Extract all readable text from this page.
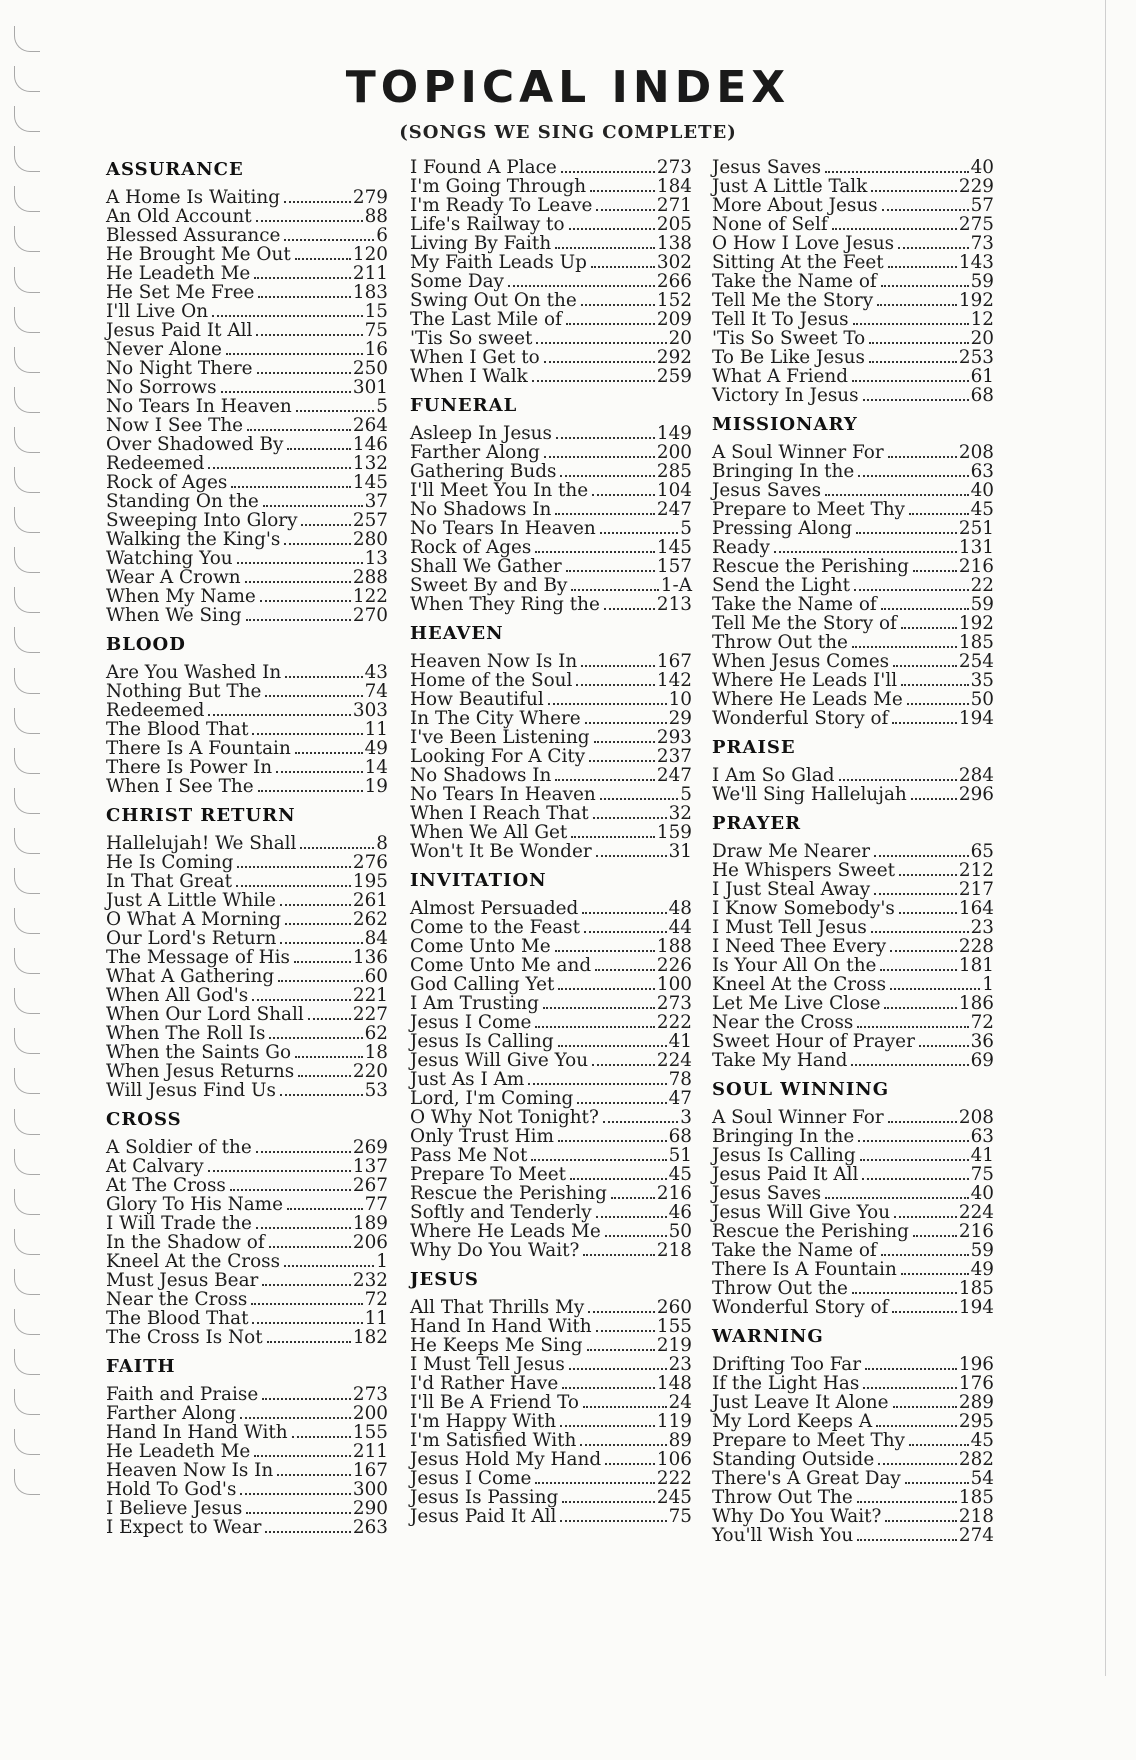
TOPICAL INDEX
(SONGS WE SING COMPLETE)
ASSURANCE
A Home Is Waiting	279
An Old Account	88
Blessed Assurance	6
He Brought Me Out	120
He Leadeth Me	211
He Set Me Free	183
I'll Live On	15
Jesus Paid It All	75
Never Alone	16
No Night There	250
No Sorrows	301
No Tears In Heaven	5
Now I See The	264
Over Shadowed By	146
Redeemed	132
Rock of Ages	145
Standing On the	37
Sweeping Into Glory	257
Walking the King's	280
Watching You	13
Wear A Crown	288
When My Name	122
When We Sing	270
BLOOD
Are You Washed In	43
Nothing But The	74
Redeemed	303
The Blood That	11
There Is A Fountain	49
There Is Power In	14
When I See The	19
CHRIST RETURN
Hallelujah! We Shall	8
He Is Coming	276
In That Great	195
Just A Little While	261
O What A Morning	262
Our Lord's Return	84
The Message of His	136
What A Gathering	60
When All God's	221
When Our Lord Shall	227
When The Roll Is	62
When the Saints Go	18
When Jesus Returns	220
Will Jesus Find Us	53
CROSS
A Soldier of the	269
At Calvary	137
At The Cross	267
Glory To His Name	77
I Will Trade the	189
In the Shadow of	206
Kneel At the Cross	1
Must Jesus Bear	232
Near the Cross	72
The Blood That	11
The Cross Is Not	182
FAITH
Faith and Praise	273
Farther Along	200
Hand In Hand With	155
He Leadeth Me	211
Heaven Now Is In	167
Hold To God's	300
I Believe Jesus	290
I Expect to Wear	263
I Found A Place	273
I'm Going Through	184
I'm Ready To Leave	271
Life's Railway to	205
Living By Faith	138
My Faith Leads Up	302
Some Day	266
Swing Out On the	152
The Last Mile of	209
'Tis So sweet	20
When I Get to	292
When I Walk	259
FUNERAL
Asleep In Jesus	149
Farther Along	200
Gathering Buds	285
I'll Meet You In the	104
No Shadows In	247
No Tears In Heaven	5
Rock of Ages	145
Shall We Gather	157
Sweet By and By	1-A
When They Ring the	213
HEAVEN
Heaven Now Is In	167
Home of the Soul	142
How Beautiful	10
In The City Where	29
I've Been Listening	293
Looking For A City	237
No Shadows In	247
No Tears In Heaven	5
When I Reach That	32
When We All Get	159
Won't It Be Wonder	31
INVITATION
Almost Persuaded	48
Come to the Feast	44
Come Unto Me	188
Come Unto Me and	226
God Calling Yet	100
I Am Trusting	273
Jesus I Come	222
Jesus Is Calling	41
Jesus Will Give You	224
Just As I Am	78
Lord, I'm Coming	47
O Why Not Tonight?	3
Only Trust Him	68
Pass Me Not	51
Prepare To Meet	45
Rescue the Perishing	216
Softly and Tenderly	46
Where He Leads Me	50
Why Do You Wait?	218
JESUS
All That Thrills My	260
Hand In Hand With	155
He Keeps Me Sing	219
I Must Tell Jesus	23
I'd Rather Have	148
I'll Be A Friend To	24
I'm Happy With	119
I'm Satisfied With	89
Jesus Hold My Hand	106
Jesus I Come	222
Jesus Is Passing	245
Jesus Paid It All	75
Jesus Saves	40
Just A Little Talk	229
More About Jesus	57
None of Self	275
O How I Love Jesus	73
Sitting At the Feet	143
Take the Name of	59
Tell Me the Story	192
Tell It To Jesus	12
'Tis So Sweet To	20
To Be Like Jesus	253
What A Friend	61
Victory In Jesus	68
MISSIONARY
A Soul Winner For	208
Bringing In the	63
Jesus Saves	40
Prepare to Meet Thy	45
Pressing Along	251
Ready	131
Rescue the Perishing	216
Send the Light	22
Take the Name of	59
Tell Me the Story of	192
Throw Out the	185
When Jesus Comes	254
Where He Leads I'll	35
Where He Leads Me	50
Wonderful Story of	194
PRAISE
I Am So Glad	284
We'll Sing Hallelujah	296
PRAYER
Draw Me Nearer	65
He Whispers Sweet	212
I Just Steal Away	217
I Know Somebody's	164
I Must Tell Jesus	23
I Need Thee Every	228
Is Your All On the	181
Kneel At the Cross	1
Let Me Live Close	186
Near the Cross	72
Sweet Hour of Prayer	36
Take My Hand	69
SOUL WINNING
A Soul Winner For	208
Bringing In the	63
Jesus Is Calling	41
Jesus Paid It All	75
Jesus Saves	40
Jesus Will Give You	224
Rescue the Perishing	216
Take the Name of	59
There Is A Fountain	49
Throw Out the	185
Wonderful Story of	194
WARNING
Drifting Too Far	196
If the Light Has	176
Just Leave It Alone	289
My Lord Keeps A	295
Prepare to Meet Thy	45
Standing Outside	282
There's A Great Day	54
Throw Out The	185
Why Do You Wait?	218
You'll Wish You	274
